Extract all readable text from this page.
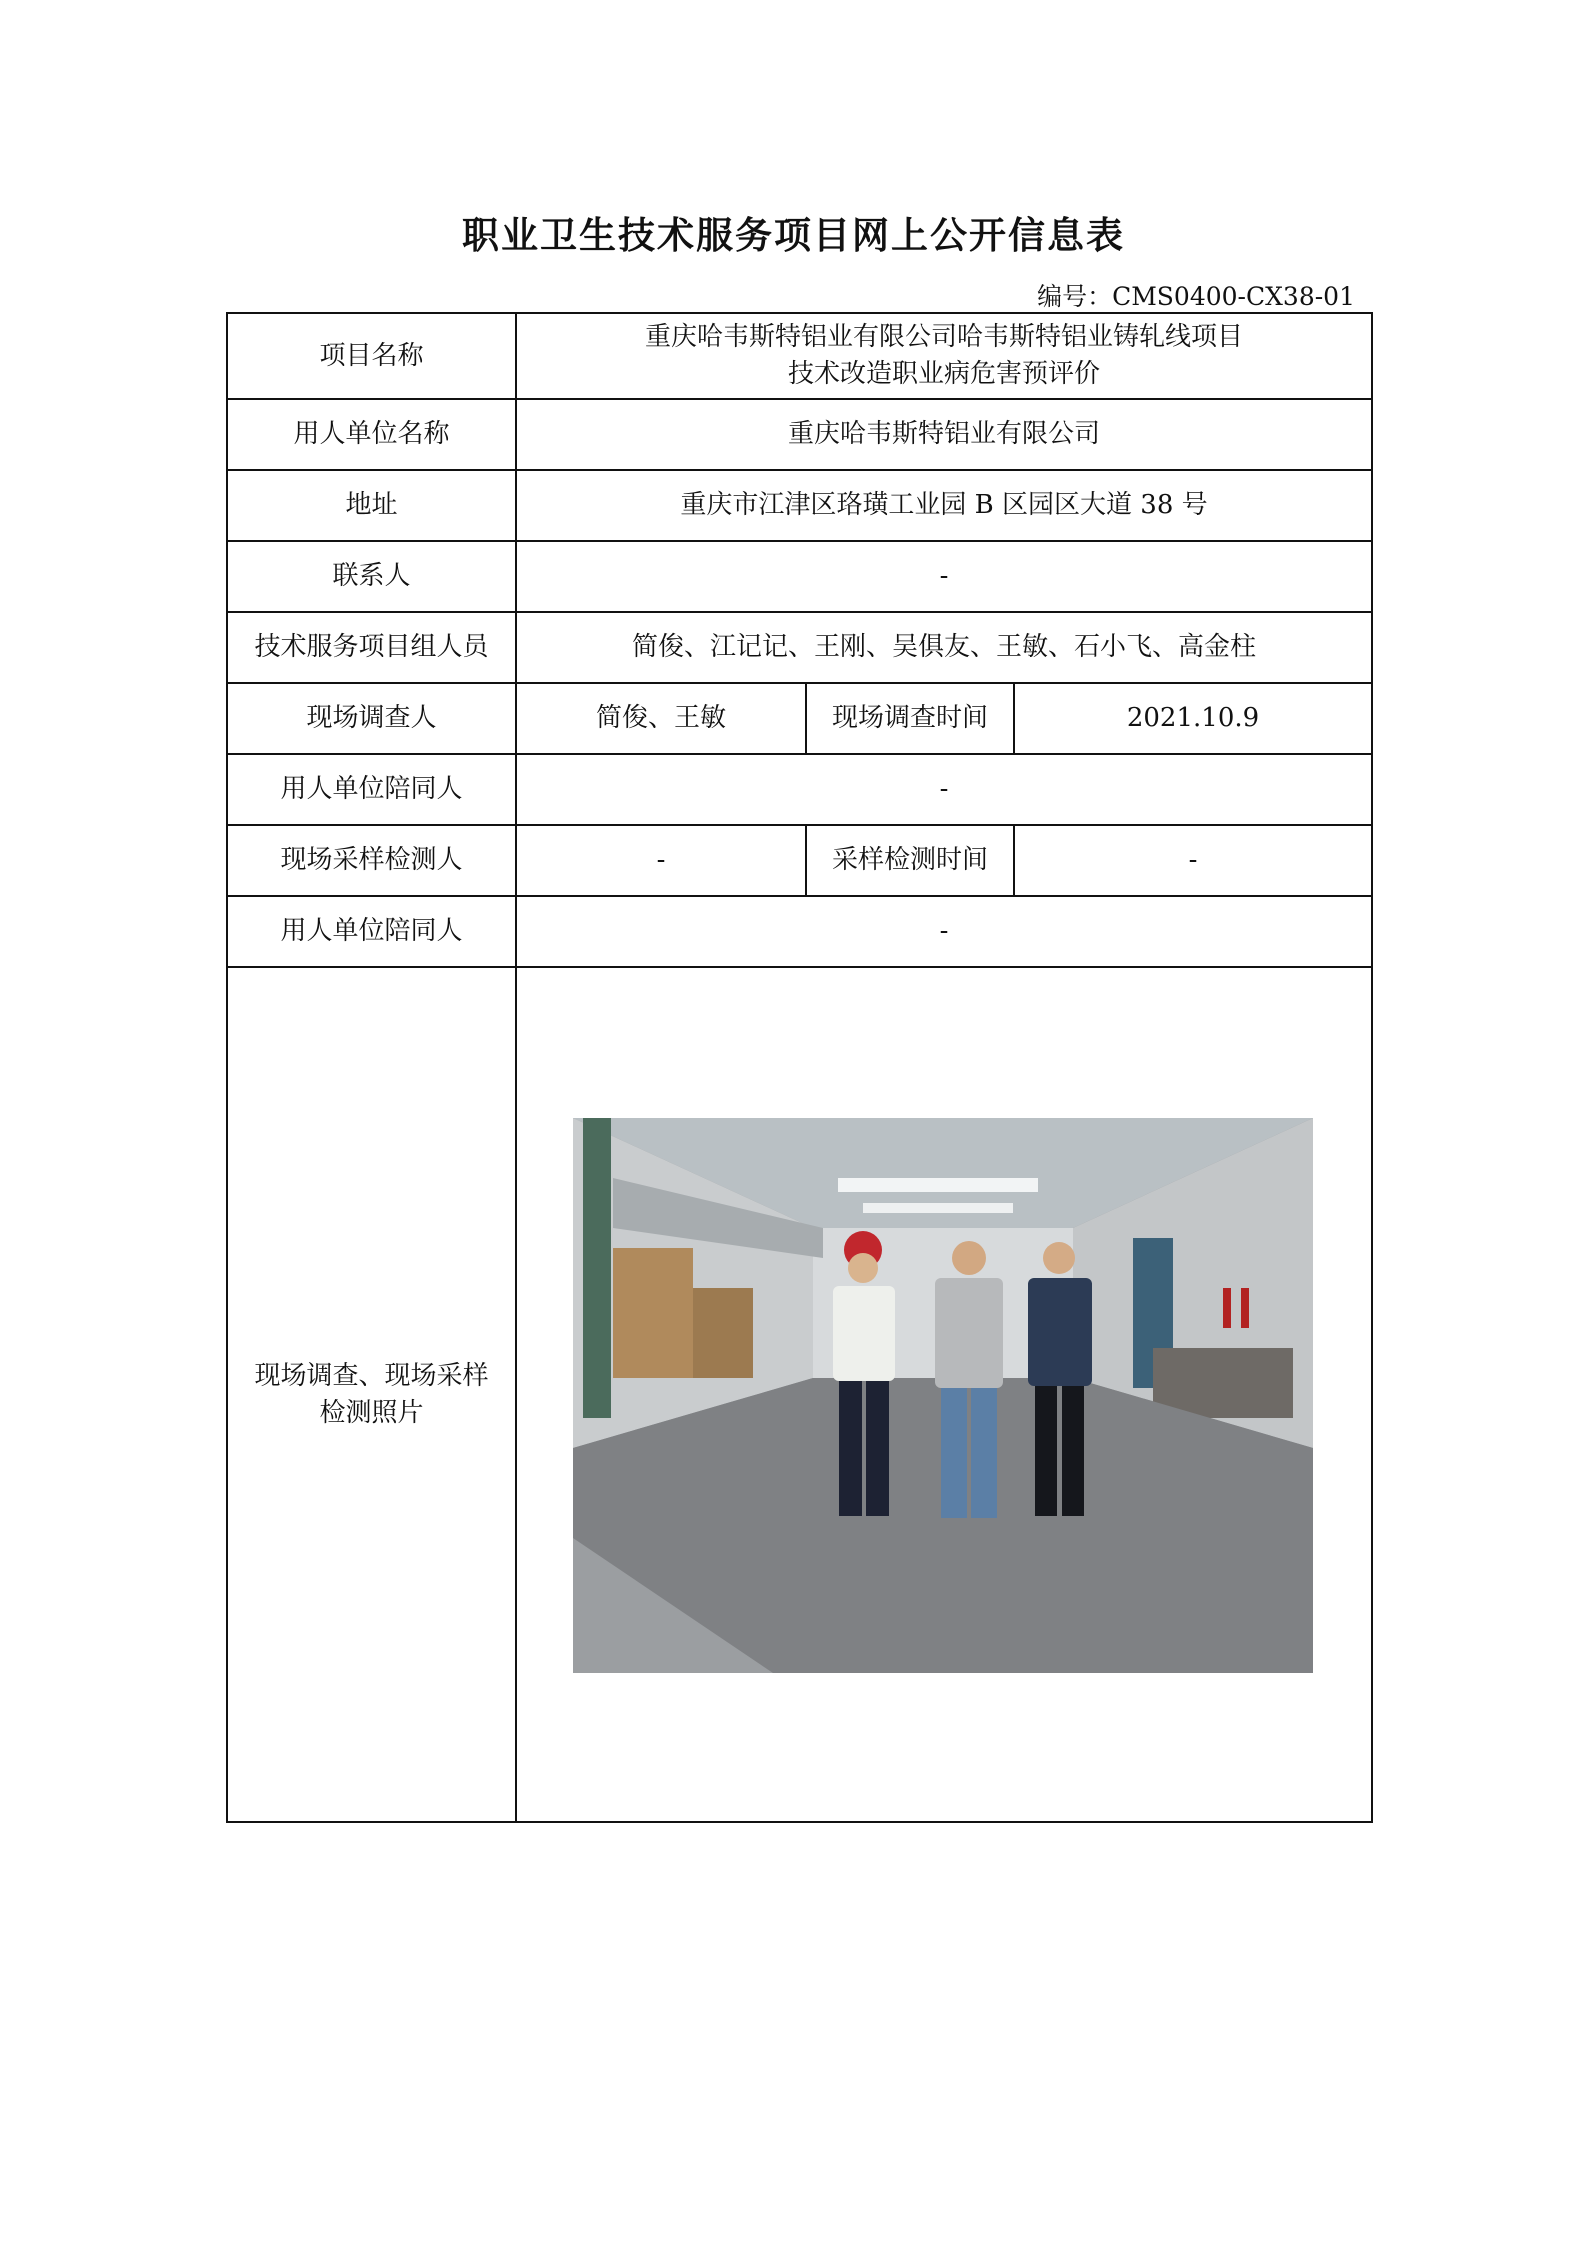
职业卫生技术服务项目网上公开信息表
编号：CMS0400-CX38-01
项目名称	重庆哈韦斯特铝业有限公司哈韦斯特铝业铸轧线项目
技术改造职业病危害预评价		

用人单位名称	重庆哈韦斯特铝业有限公司		
地址	重庆市江津区珞璜工业园 B 区园区大道 38 号		
联系人	-		
技术服务项目组人员	简俊、江记记、王刚、吴俱友、王敏、石小飞、高金柱		
现场调查人	简俊、王敏	现场调查时间	2021.10.9
用人单位陪同人	-		
现场采样检测人	-	采样检测时间	-
用人单位陪同人	-		

现场调查、现场采样
检测照片
